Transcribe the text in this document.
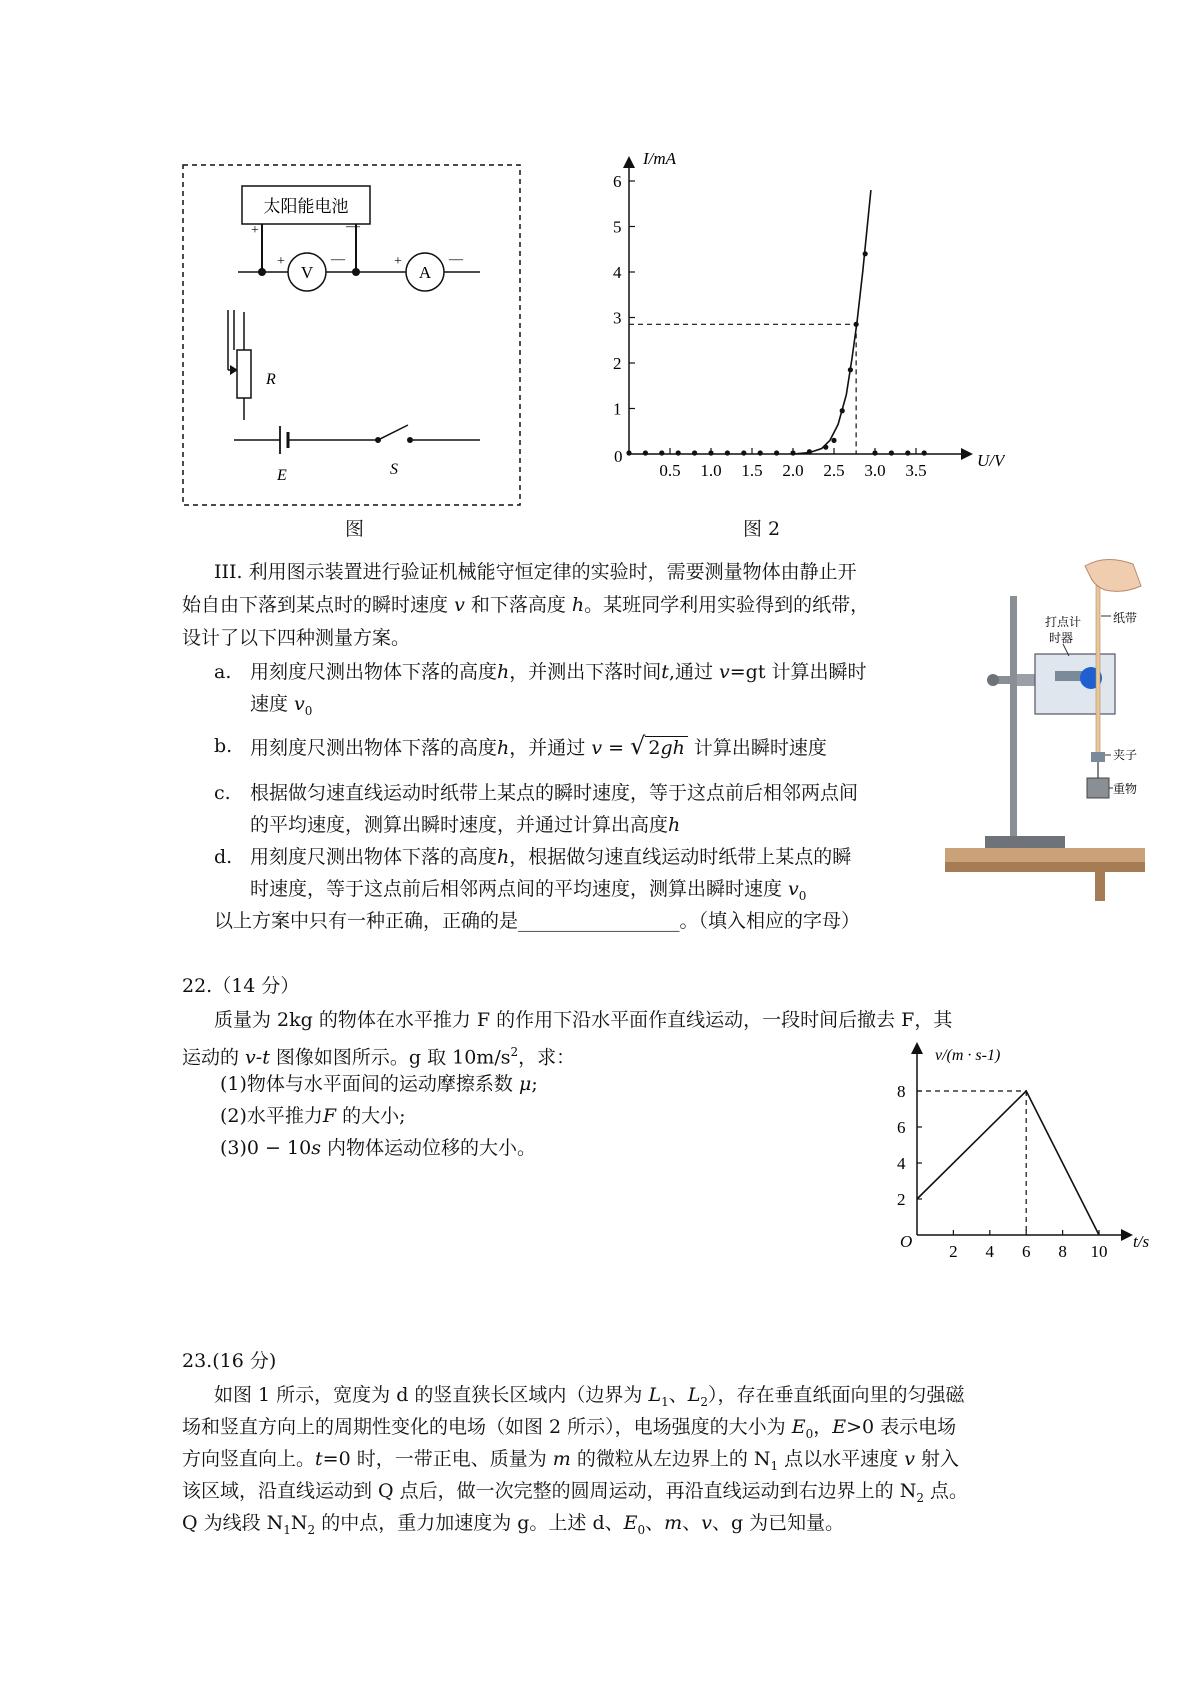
太阳能电池
+	—
V
+	—
A
+	—
R
E	S
图
I/mA
U/V
0
1
2
3
4
5
6
0.5 1.0 1.5 2.0 2.5 3.0 3.5
图 2
打点计
时器
纸带
夹子
重物
III. 利用图示装置进行验证机械能守恒定律的实验时，需要测量物体由静止开
始自由下落到某点时的瞬时速度 v 和下落高度 h。某班同学利用实验得到的纸带，
设计了以下四种测量方案。
a. 用刻度尺测出物体下落的高度h，并测出下落时间t,通过 v=gt 计算出瞬时
速度 $v_0$
b. 用刻度尺测出物体下落的高度h，并通过 v = √ 2gh 计算出瞬时速度
c. 根据做匀速直线运动时纸带上某点的瞬时速度，等于这点前后相邻两点间
的平均速度，测算出瞬时速度，并通过计算出高度h
d. 用刻度尺测出物体下落的高度h，根据做匀速直线运动时纸带上某点的瞬
时速度，等于这点前后相邻两点间的平均速度，测算出瞬时速度 $v_0$
以上方案中只有一种正确，正确的是_________________。（填入相应的字母）
22.（14 分）
质量为 2kg 的物体在水平推力 F 的作用下沿水平面作直线运动，一段时间后撤去 F，其
运动的 v-t 图像如图所示。g 取 $10m/s^2$，求：
(1)物体与水平面间的运动摩擦系数 μ;
(2)水平推力F 的大小;
(3)0 − 10s 内物体运动位移的大小。
v/(m · s-1)
t/s
O
2
4
6
8
2 4 6 8 10
23.(16 分)
如图 1 所示，宽度为 d 的竖直狭长区域内（边界为 $L_1$、$L_2$），存在垂直纸面向里的匀强磁
场和竖直方向上的周期性变化的电场（如图 2 所示），电场强度的大小为 $E_0$，E>0 表示电场
方向竖直向上。t=0 时，一带正电、质量为 m 的微粒从左边界上的 $N_1$ 点以水平速度 v 射入
该区域，沿直线运动到 Q 点后，做一次完整的圆周运动，再沿直线运动到右边界上的 $N_2$ 点。
Q 为线段 $N_1N_2$ 的中点，重力加速度为 g。上述 d、$E_0$、m、v、g 为已知量。
